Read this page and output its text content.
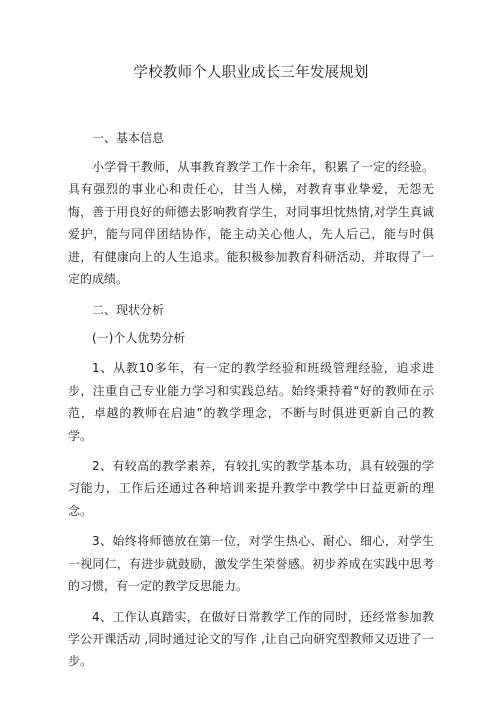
学校教师个人职业成长三年发展规划
一、基本信息

小学骨干教师，从事教育教学工作十余年，积累了一定的经验。具有强烈的事业心和责任心，甘当人梯，对教育事业挚爱，无怨无悔，善于用良好的师德去影响教育学生，对同事坦忱热情,对学生真诚爱护，能与同伴团结协作，能主动关心他人，先人后己，能与时俱进，有健康向上的人生追求。能积极参加教育科研活动，并取得了一定的成绩。

二、现状分析
(一)个人优势分析

1、从教10多年，有一定的教学经验和班级管理经验，追求进步，注重自己专业能力学习和实践总结。始终秉持着“好的教师在示范，卓越的教师在启迪”的教学理念，不断与时俱进更新自己的教学。

2、有较高的教学素养，有较扎实的教学基本功，具有较强的学习能力，工作后还通过各种培训来提升教学中教学中日益更新的理念。

3、始终将师德放在第一位，对学生热心、耐心、细心，对学生一视同仁，有进步就鼓励，激发学生荣誉感。初步养成在实践中思考的习惯，有一定的教学反思能力。

4、工作认真踏实，在做好日常教学工作的同时，还经常参加教学公开课活动 ,同时通过论文的写作 ,让自己向研究型教师又迈进了一步。
